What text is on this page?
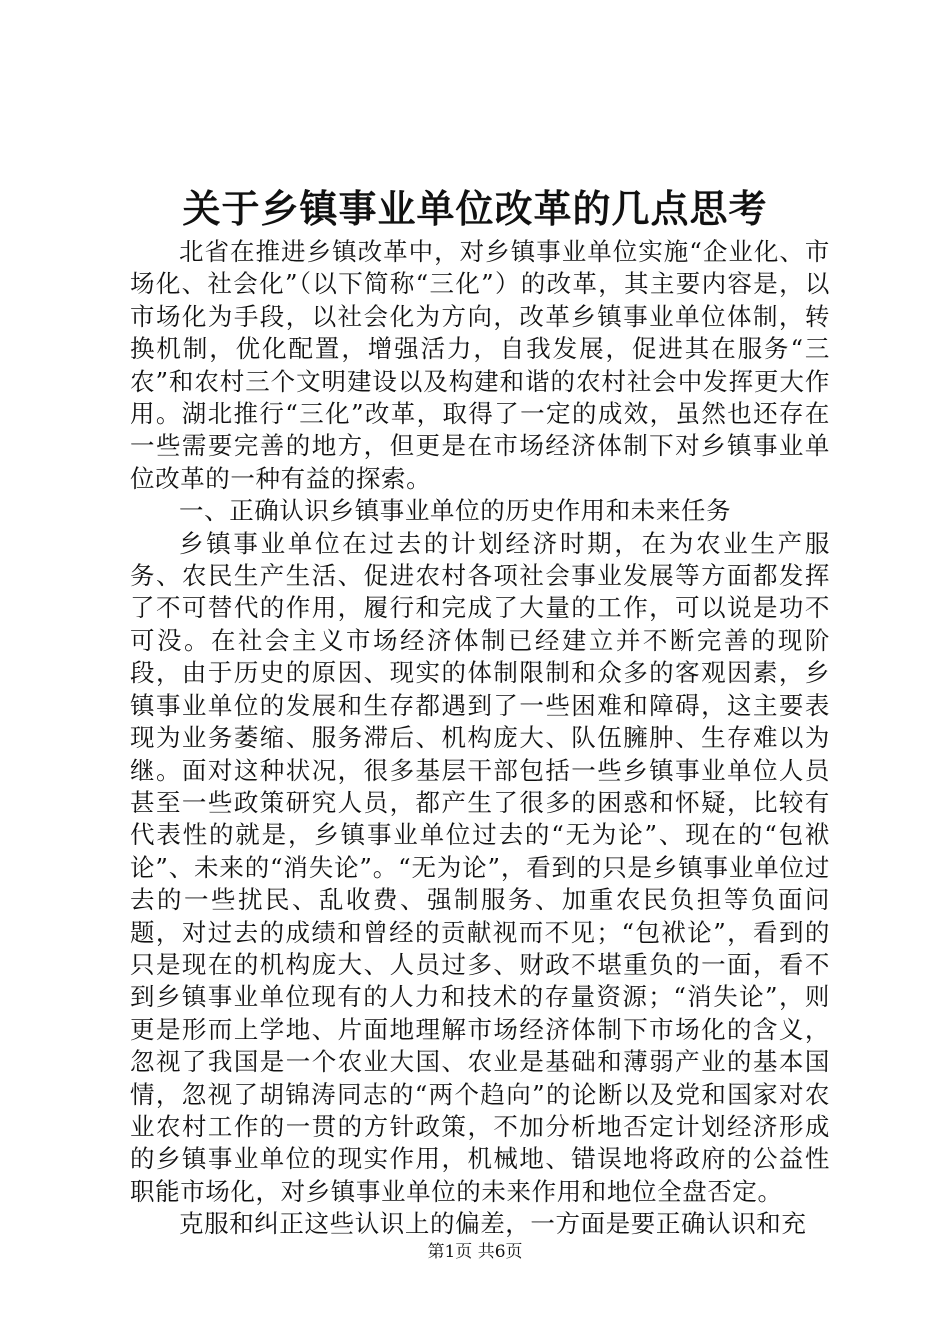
关于乡镇事业单位改革的几点思考

北省在推进乡镇改革中，对乡镇事业单位实施“企业化、市场化、社会化”（以下简称“三化”）的改革，其主要内容是，以市场化为手段，以社会化为方向，改革乡镇事业单位体制，转换机制，优化配置，增强活力，自我发展，促进其在服务“三农”和农村三个文明建设以及构建和谐的农村社会中发挥更大作用。湖北推行“三化”改革，取得了一定的成效，虽然也还存在一些需要完善的地方，但更是在市场经济体制下对乡镇事业单位改革的一种有益的探索。

一、正确认识乡镇事业单位的历史作用和未来任务

乡镇事业单位在过去的计划经济时期，在为农业生产服务、农民生产生活、促进农村各项社会事业发展等方面都发挥了不可替代的作用，履行和完成了大量的工作，可以说是功不可没。在社会主义市场经济体制已经建立并不断完善的现阶段，由于历史的原因、现实的体制限制和众多的客观因素，乡镇事业单位的发展和生存都遇到了一些困难和障碍，这主要表现为业务萎缩、服务滞后、机构庞大、队伍臃肿、生存难以为继。面对这种状况，很多基层干部包括一些乡镇事业单位人员甚至一些政策研究人员，都产生了很多的困惑和怀疑，比较有代表性的就是，乡镇事业单位过去的“无为论”、现在的“包袱论”、未来的“消失论”。“无为论”，看到的只是乡镇事业单位过去的一些扰民、乱收费、强制服务、加重农民负担等负面问题，对过去的成绩和曾经的贡献视而不见；“包袱论”，看到的只是现在的机构庞大、人员过多、财政不堪重负的一面，看不到乡镇事业单位现有的人力和技术的存量资源；“消失论”，则更是形而上学地、片面地理解市场经济体制下市场化的含义，忽视了我国是一个农业大国、农业是基础和薄弱产业的基本国情，忽视了胡锦涛同志的“两个趋向”的论断以及党和国家对农业农村工作的一贯的方针政策，不加分析地否定计划经济形成的乡镇事业单位的现实作用，机械地、错误地将政府的公益性职能市场化，对乡镇事业单位的未来作用和地位全盘否定。

克服和纠正这些认识上的偏差，一方面是要正确认识和充

第1页 共6页
